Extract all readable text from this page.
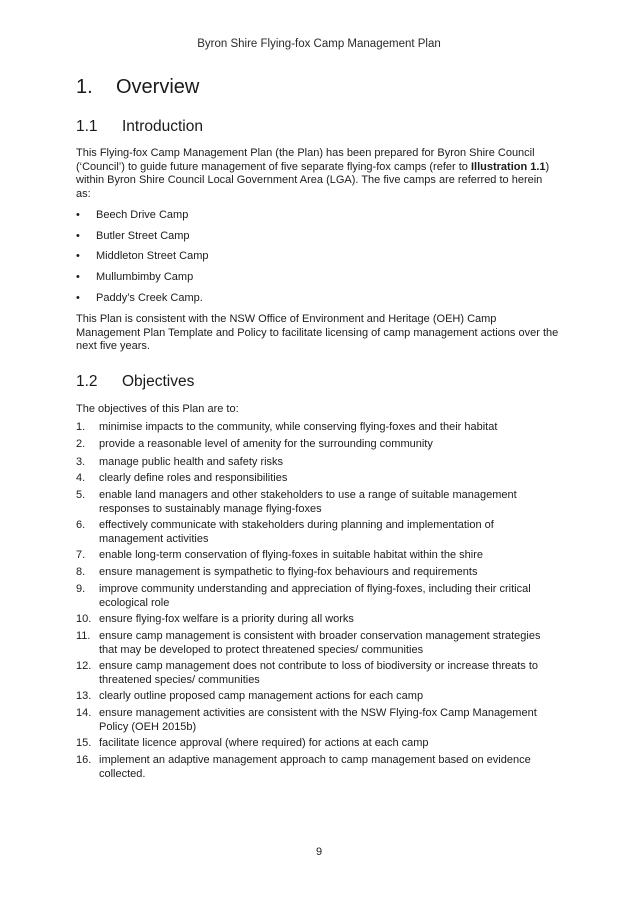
Byron Shire Flying-fox Camp Management Plan
1. Overview
1.1 Introduction
This Flying-fox Camp Management Plan (the Plan) has been prepared for Byron Shire Council (‘Council’) to guide future management of five separate flying-fox camps (refer to Illustration 1.1) within Byron Shire Council Local Government Area (LGA). The five camps are referred to herein as:
• Beech Drive Camp
• Butler Street Camp
• Middleton Street Camp
• Mullumbimby Camp
• Paddy’s Creek Camp.
This Plan is consistent with the NSW Office of Environment and Heritage (OEH) Camp Management Plan Template and Policy to facilitate licensing of camp management actions over the next five years.
1.2 Objectives
The objectives of this Plan are to:
1. minimise impacts to the community, while conserving flying-foxes and their habitat
2. provide a reasonable level of amenity for the surrounding community
3. manage public health and safety risks
4. clearly define roles and responsibilities
5. enable land managers and other stakeholders to use a range of suitable management responses to sustainably manage flying-foxes
6. effectively communicate with stakeholders during planning and implementation of management activities
7. enable long-term conservation of flying-foxes in suitable habitat within the shire
8. ensure management is sympathetic to flying-fox behaviours and requirements
9. improve community understanding and appreciation of flying-foxes, including their critical ecological role
10. ensure flying-fox welfare is a priority during all works
11. ensure camp management is consistent with broader conservation management strategies that may be developed to protect threatened species/ communities
12. ensure camp management does not contribute to loss of biodiversity or increase threats to threatened species/ communities
13. clearly outline proposed camp management actions for each camp
14. ensure management activities are consistent with the NSW Flying-fox Camp Management Policy (OEH 2015b)
15. facilitate licence approval (where required) for actions at each camp
16. implement an adaptive management approach to camp management based on evidence collected.
9
